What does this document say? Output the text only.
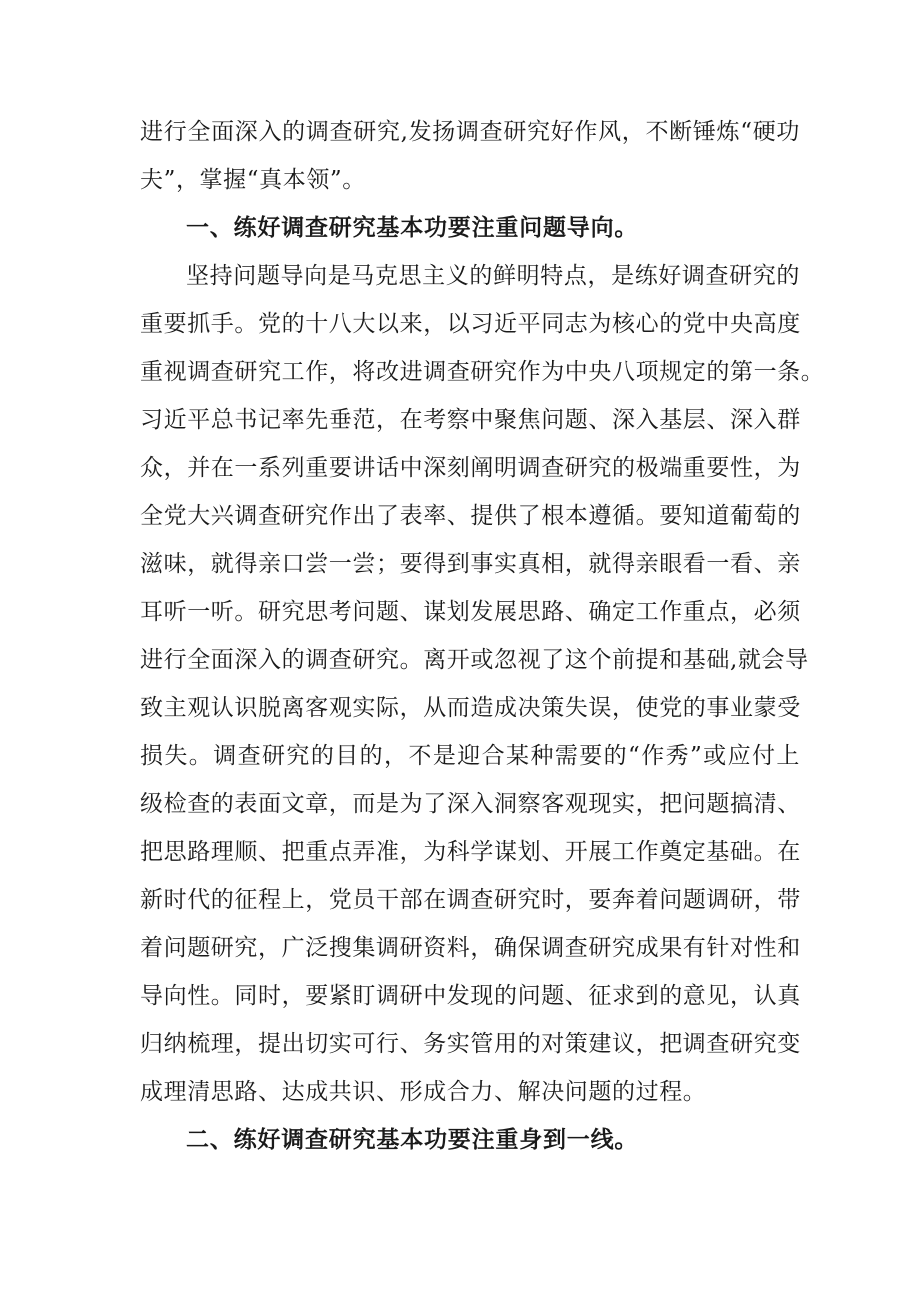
进行全面深入的调查研究,发扬调查研究好作风，不断锤炼“硬功
夫”，掌握“真本领”。
一、练好调查研究基本功要注重问题导向。
坚持问题导向是马克思主义的鲜明特点，是练好调查研究的
重要抓手。党的十八大以来，以习近平同志为核心的党中央高度
重视调查研究工作，将改进调查研究作为中央八项规定的第一条。
习近平总书记率先垂范，在考察中聚焦问题、深入基层、深入群
众，并在一系列重要讲话中深刻阐明调查研究的极端重要性，为
全党大兴调查研究作出了表率、提供了根本遵循。要知道葡萄的
滋味，就得亲口尝一尝；要得到事实真相，就得亲眼看一看、亲
耳听一听。研究思考问题、谋划发展思路、确定工作重点，必须
进行全面深入的调查研究。离开或忽视了这个前提和基础,就会导
致主观认识脱离客观实际，从而造成决策失误，使党的事业蒙受
损失。调查研究的目的，不是迎合某种需要的“作秀”或应付上
级检查的表面文章，而是为了深入洞察客观现实，把问题搞清、
把思路理顺、把重点弄准，为科学谋划、开展工作奠定基础。在
新时代的征程上，党员干部在调查研究时，要奔着问题调研，带
着问题研究，广泛搜集调研资料，确保调查研究成果有针对性和
导向性。同时，要紧盯调研中发现的问题、征求到的意见，认真
归纳梳理，提出切实可行、务实管用的对策建议，把调查研究变
成理清思路、达成共识、形成合力、解决问题的过程。
二、练好调查研究基本功要注重身到一线。
